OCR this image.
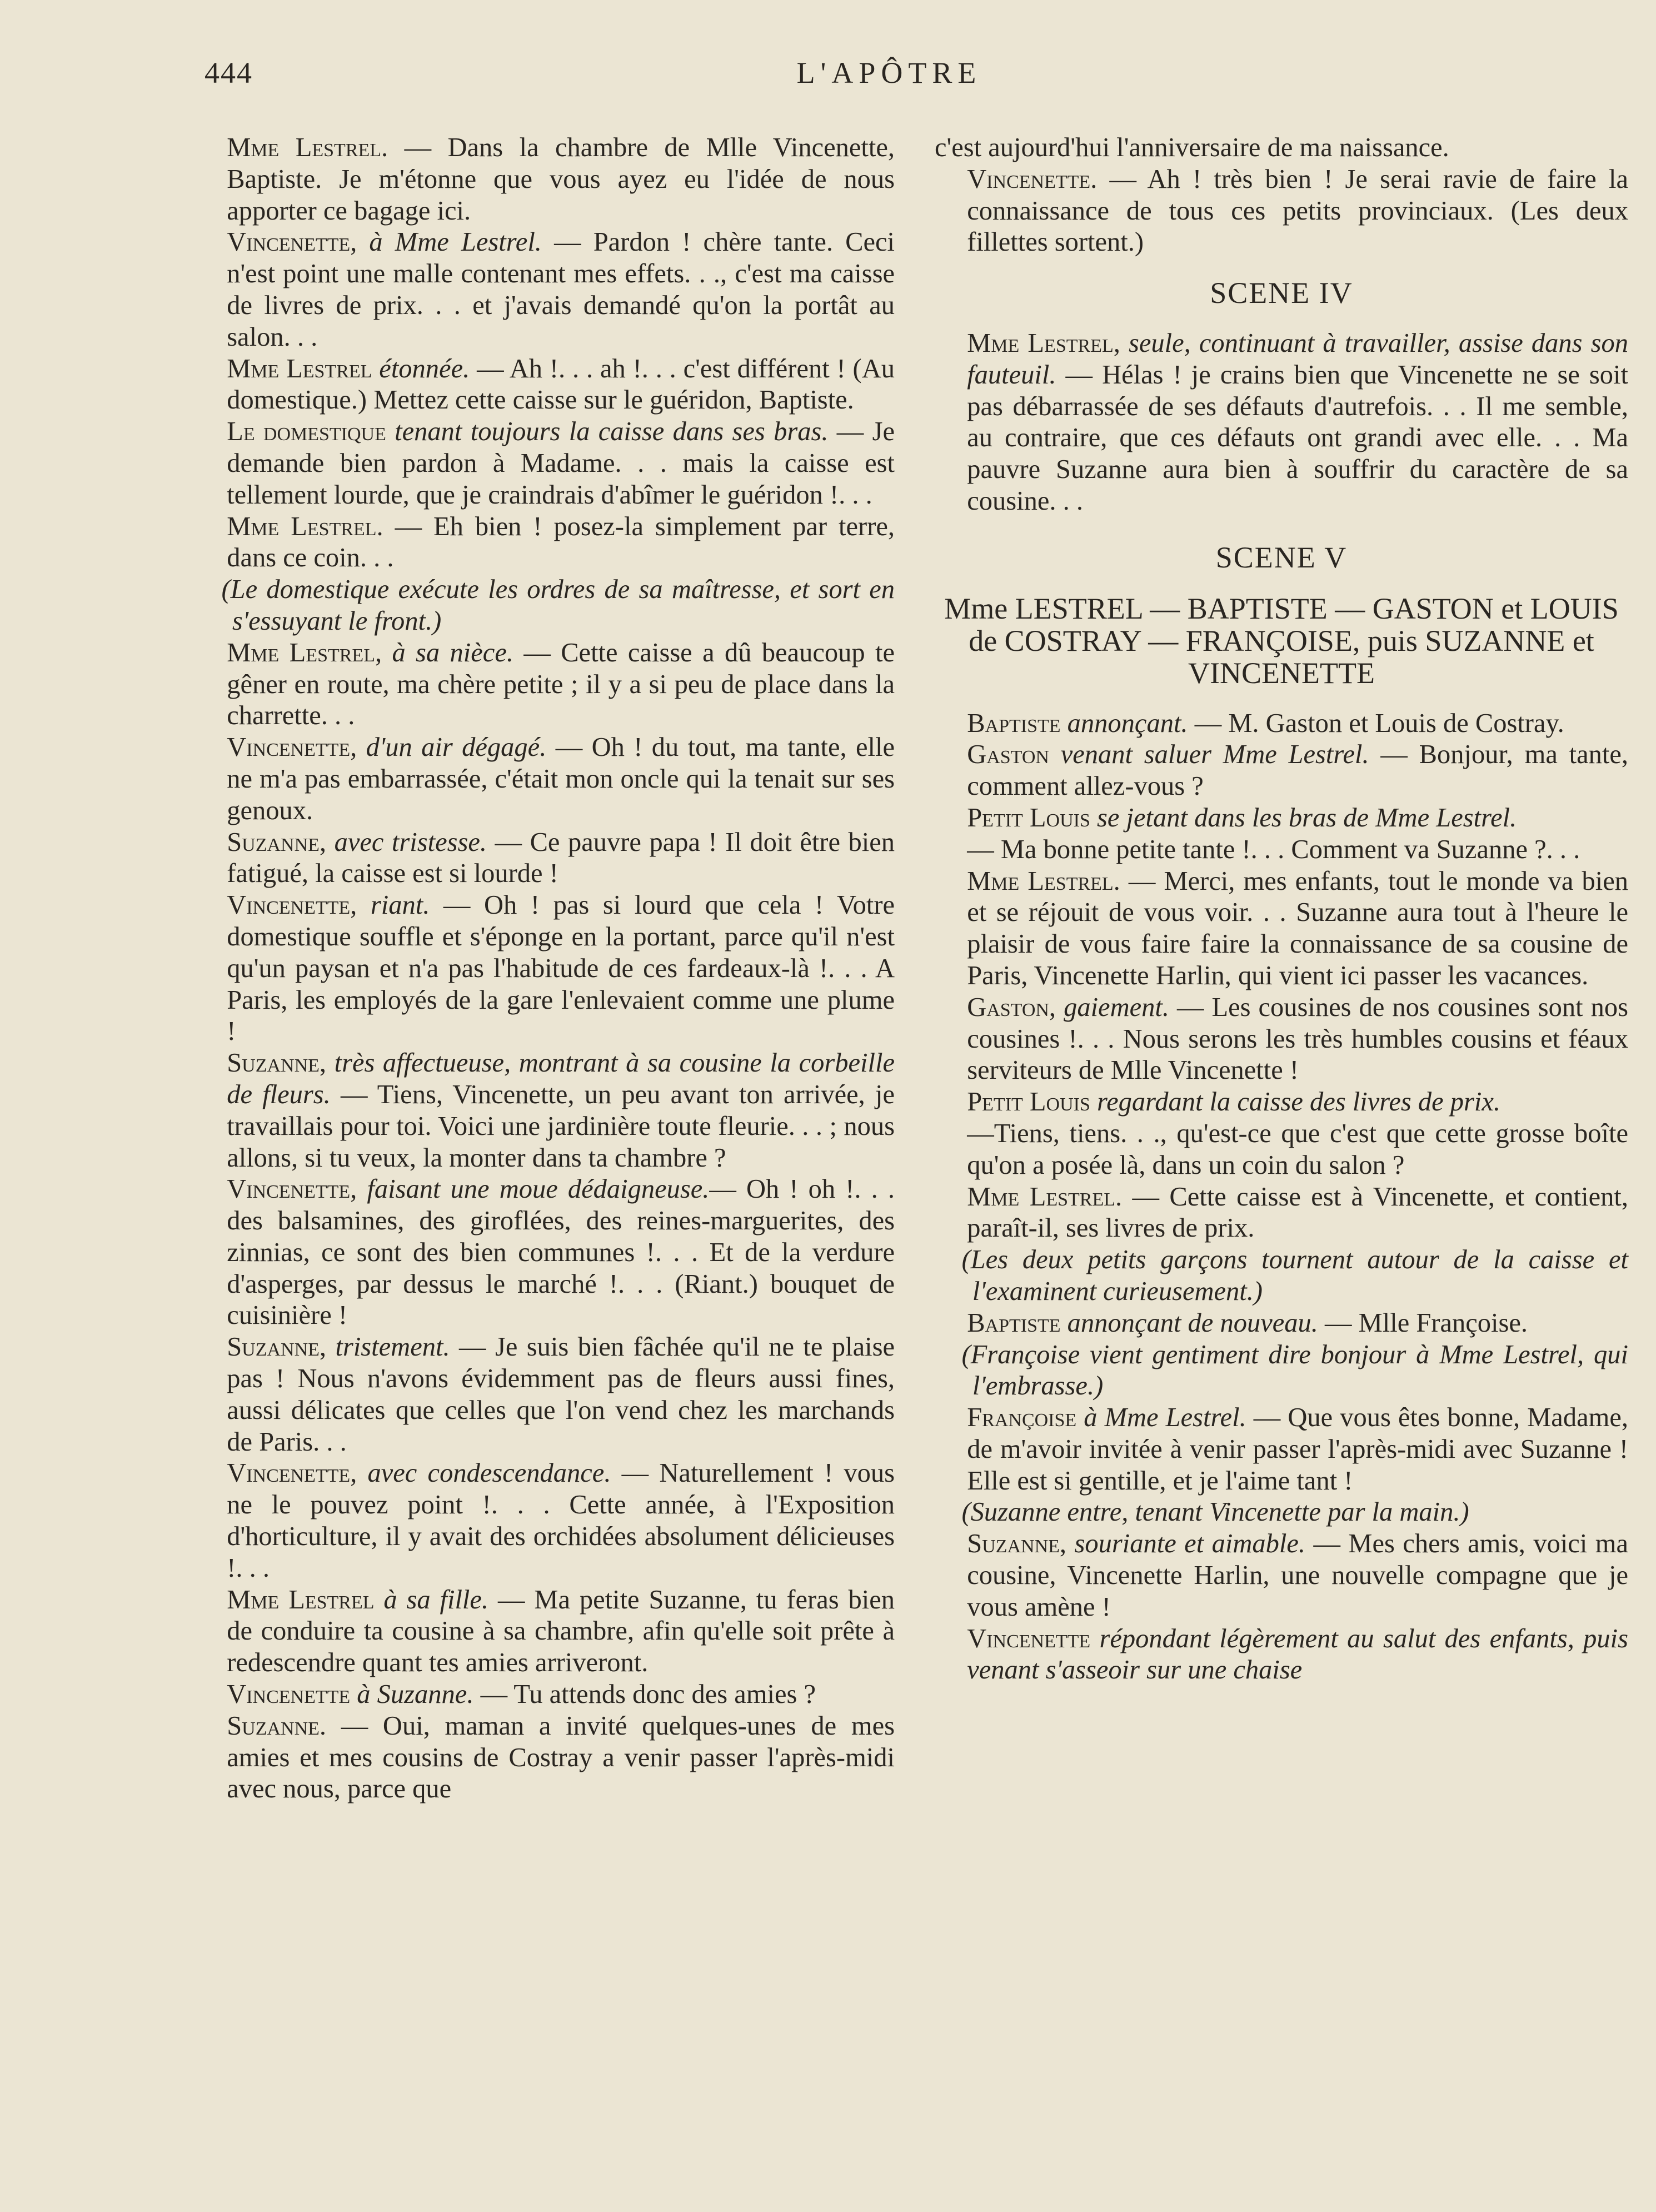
444	L'APÔTRE

Mme Lestrel. — Dans la chambre de Mlle Vincenette, Baptiste. Je m'étonne que vous ayez eu l'idée de nous apporter ce bagage ici.

Vincenette, à Mme Lestrel. — Pardon ! chère tante. Ceci n'est point une malle contenant mes effets. . ., c'est ma caisse de livres de prix. . . et j'avais demandé qu'on la portât au salon. . .

Mme Lestrel étonnée. — Ah !. . . ah !. . . c'est différent ! (Au domestique.) Mettez cette caisse sur le guéridon, Baptiste.

Le domestique tenant toujours la caisse dans ses bras. — Je demande bien pardon à Madame. . . mais la caisse est tellement lourde, que je craindrais d'abîmer le guéridon !. . .

Mme Lestrel. — Eh bien ! posez-la simplement par terre, dans ce coin. . .

(Le domestique exécute les ordres de sa maîtresse, et sort en s'essuyant le front.)

Mme Lestrel, à sa nièce. — Cette caisse a dû beaucoup te gêner en route, ma chère petite ; il y a si peu de place dans la charrette. . .

Vincenette, d'un air dégagé. — Oh ! du tout, ma tante, elle ne m'a pas embarrassée, c'était mon oncle qui la tenait sur ses genoux.

Suzanne, avec tristesse. — Ce pauvre papa ! Il doit être bien fatigué, la caisse est si lourde !

Vincenette, riant. — Oh ! pas si lourd que cela ! Votre domestique souffle et s'éponge en la portant, parce qu'il n'est qu'un paysan et n'a pas l'habitude de ces fardeaux-là !. . . A Paris, les employés de la gare l'enlevaient comme une plume !

Suzanne, très affectueuse, montrant à sa cousine la corbeille de fleurs. — Tiens, Vincenette, un peu avant ton arrivée, je travaillais pour toi. Voici une jardinière toute fleurie. . . ; nous allons, si tu veux, la monter dans ta chambre ?

Vincenette, faisant une moue dédaigneuse.— Oh ! oh !. . . des balsamines, des giroflées, des reines-marguerites, des zinnias, ce sont des bien communes !. . . Et de la verdure d'asperges, par dessus le marché !. . . (Riant.) bouquet de cuisinière !

Suzanne, tristement. — Je suis bien fâchée qu'il ne te plaise pas ! Nous n'avons évidemment pas de fleurs aussi fines, aussi délicates que celles que l'on vend chez les marchands de Paris. . .

Vincenette, avec condescendance. — Naturellement ! vous ne le pouvez point !. . . Cette année, à l'Exposition d'horticulture, il y avait des orchidées absolument délicieuses !. . .

Mme Lestrel à sa fille. — Ma petite Suzanne, tu feras bien de conduire ta cousine à sa chambre, afin qu'elle soit prête à redescendre quant tes amies arriveront.

Vincenette à Suzanne. — Tu attends donc des amies ?

Suzanne. — Oui, maman a invité quelques-unes de mes amies et mes cousins de Costray a venir passer l'après-midi avec nous, parce que

c'est aujourd'hui l'anniversaire de ma naissance.

Vincenette. — Ah ! très bien ! Je serai ravie de faire la connaissance de tous ces petits provinciaux. (Les deux fillettes sortent.)

SCENE IV

Mme Lestrel, seule, continuant à travailler, assise dans son fauteuil. — Hélas ! je crains bien que Vincenette ne se soit pas débarrassée de ses défauts d'autrefois. . . Il me semble, au contraire, que ces défauts ont grandi avec elle. . . Ma pauvre Suzanne aura bien à souffrir du caractère de sa cousine. . .

SCENE V
Mme LESTREL — BAPTISTE — GASTON et LOUIS de COSTRAY — FRANÇOISE, puis SUZANNE et VINCENETTE

Baptiste annonçant. — M. Gaston et Louis de Costray.

Gaston venant saluer Mme Lestrel. — Bonjour, ma tante, comment allez-vous ?

Petit Louis se jetant dans les bras de Mme Lestrel.

— Ma bonne petite tante !. . . Comment va Suzanne ?. . .

Mme Lestrel. — Merci, mes enfants, tout le monde va bien et se réjouit de vous voir. . . Suzanne aura tout à l'heure le plaisir de vous faire faire la connaissance de sa cousine de Paris, Vincenette Harlin, qui vient ici passer les vacances.

Gaston, gaiement. — Les cousines de nos cousines sont nos cousines !. . . Nous serons les très humbles cousins et féaux serviteurs de Mlle Vincenette !

Petit Louis regardant la caisse des livres de prix.

—Tiens, tiens. . ., qu'est-ce que c'est que cette grosse boîte qu'on a posée là, dans un coin du salon ?

Mme Lestrel. — Cette caisse est à Vincenette, et contient, paraît-il, ses livres de prix.

(Les deux petits garçons tournent autour de la caisse et l'examinent curieusement.)

Baptiste annonçant de nouveau. — Mlle Françoise.

(Françoise vient gentiment dire bonjour à Mme Lestrel, qui l'embrasse.)

Françoise à Mme Lestrel. — Que vous êtes bonne, Madame, de m'avoir invitée à venir passer l'après-midi avec Suzanne ! Elle est si gentille, et je l'aime tant !

(Suzanne entre, tenant Vincenette par la main.)

Suzanne, souriante et aimable. — Mes chers amis, voici ma cousine, Vincenette Harlin, une nouvelle compagne que je vous amène !

Vincenette répondant légèrement au salut des enfants, puis venant s'asseoir sur une chaise
